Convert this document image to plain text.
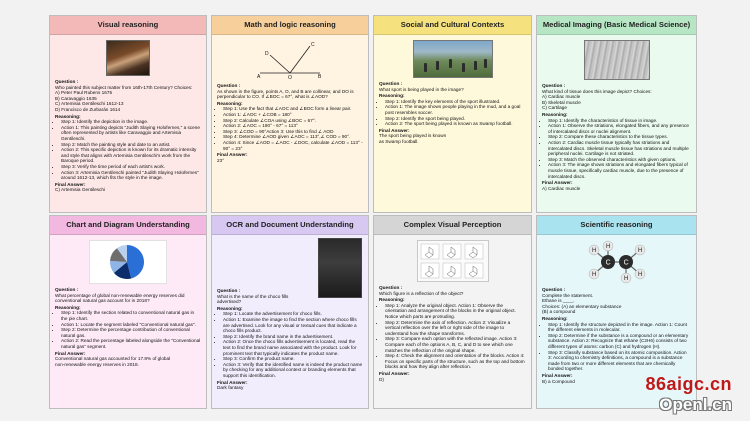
Visual reasoning
Question :
Who painted this subject matter from 16th-17th Century? Choices:
A) Peter Paul Rubens 1675
B) Caravaggio 1635
C) Artemisia Gentileschi 1612-13
D) Francisco de Zurbarán 1614
Reasoning:
• Step 1: Identify the depiction in the image.
• Action 1: This painting depicts "Judith Slaying Holofernes," a scene often represented by artists like Caravaggio and Artemisia Gentileschi.
• Step 2: Match the painting style and date to an artist.
• Action 2: This specific depiction is known for its dramatic intensity and style that aligns with Artemisia Gentileschi's work from the Baroque period.
• Step 3: Verify the time period of each artist's work.
• Action 3: Artemisia Gentileschi painted "Judith Slaying Holofernes" around 1612-13, which fits the style in the image.
Final Answer:
C) Artemisia Gentileschi
Math and logic reasoning
A	O	B
C
D
Question :
As shown in the figure, points A, O, and B are collinear, and DO is perpendicular to CO. If ∠BOC = 67°, what is ∠AOD?
Reasoning:
• Step 1: Use the fact that ∠AOC and ∠BOC form a linear pair.
• Action 1: ∠AOC + ∠COB = 180°
• Step 2: Calculate ∠COA using ∠BOC = 67°.
• Action 2: ∠AOC = 180° - 67° = 113°
• Step 3: ∠COD = 90°Action 3: Use this to find ∠ AOD
• Step 4: Determine ∠AOD given ∠AOC = 113°,∠ COD = 90°.
• Action 4: Since ∠AOD = ∠AOC - ∠DOC, calculate ∠AOD = 113° - 90° = 23°
Final Answer:
23°
Social and Cultural Contexts
Question :
What sport is being played in the image?
Reasoning:
• Step 1: Identify the key elements of the sport illustrated.
• Action 1: The image shows people playing in the mud, and a goal post resembles soccer.
• Step 2: Identify the sport being played.
• Action 2: The sport being played is known as Swamp football.
Final Answer:
The sport being played is known
as Swamp football.
Medical Imaging (Basic Medical Science)
Question :
What kind of tissue does this image depict? Choices:
A) Cardiac muscle
B) Skeletal muscle
C) Cartilage
Reasoning:
• Step 1: Identify the characteristics of tissue in image.
• Action 1: Observe the striations, elongated fibers, and any presence of intercalated discs or nuclei alignment.
• Step 2: Compare these characteristics to the tissue types.
• Action 2: Cardiac muscle tissue typically has striations and intercalated discs. Skeletal muscle tissue has striations and multiple peripheral nuclei. Cartilage is not striated.
• Step 3: Match the observed characteristics with given options.
• Action 3: The image shows striations and elongated fibers typical of muscle tissue, specifically cardiac muscle, due to the presence of intercalated discs.
Final Answer:
A) Cardiac muscle
Chart and Diagram Understanding
Question :
What percentage of global non-renewable energy reserves did conventional natural gas account for in 2018?
Reasoning:
• Step 1: Identify the section related to conventional natural gas in the pie chart.
• Action 1: Locate the segment labeled "Conventional natural gas".
• Step 2: Determine the percentage contribution of conventional natural gas.
• Action 2: Read the percentage labeled alongside the "Conventional natural gas" segment.
Final Answer:
Conventional natural gas accounted for 17.8% of global
non-renewable energy reserves in 2018.
OCR and Document Understanding
Question :
What is the name of the choco fills advertised?
Reasoning:
• Step 1: Locate the advertisement for choco fills.
• Action 1: Examine the image to find the section where choco fills are advertised. Look for any visual or textual cues that indicate a choco fills product.
• Step 2: Identify the brand name in the advertisement.
• Action 2: Once the choco fills advertisement is located, read the text to find the brand name associated with the product. Look for prominent text that typically indicates the product name.
• Step 3: Confirm the product name.
• Action 3: Verify that the identified name is indeed the product name by checking for any additional context or branding elements that support this identification.
Final Answer:
Dark fantasy
Complex Visual Perception
Question :
Which figure is a reflection of the object?
Reasoning:
• Step 1: Analyze the original object. Action 1: Observe the orientation and arrangement of the blocks in the original object. Notice which parts are protruding.
• Step 2: Determine the axis of reflection. Action 2: Visualize a vertical reflection over the left or right side of the image to understand how the shape transforms.
• Step 3: Compare each option with the reflected image. Action 3: Compare each of the options A, B, C, and D to see which one matches the reflection of the original shape.
• Step 4: Check the alignment and orientation of the blocks. Action 4: Focus on specific parts of the structure, such as the top and bottom blocks and how they align after reflection.
Final Answer:
D)
Scientific reasoning
H
H
H
H
H
H
C C
Question :
Complete the statement.
Ethane is ____.
Choices: (A) an elementary substance
(B) a compound
Reasoning:
• Step 1: Identify the structure depicted in the image. Action 1: Count the different elements in molecular.
• Step 2: Determine if the substance is a compound or an elementary substance. Action 2: Recognize that ethane (C2H6) consists of two different types of atoms: carbon (C) and hydrogen (H).
• Step 3: Classify substance based on its atomic composition. Action 3: According to chemistry definitions, a compound is a substance made from two or more different elements that are chemically bonded together.
Final Answer:
B) a Compound	86aigc.cn
Openl.cn
